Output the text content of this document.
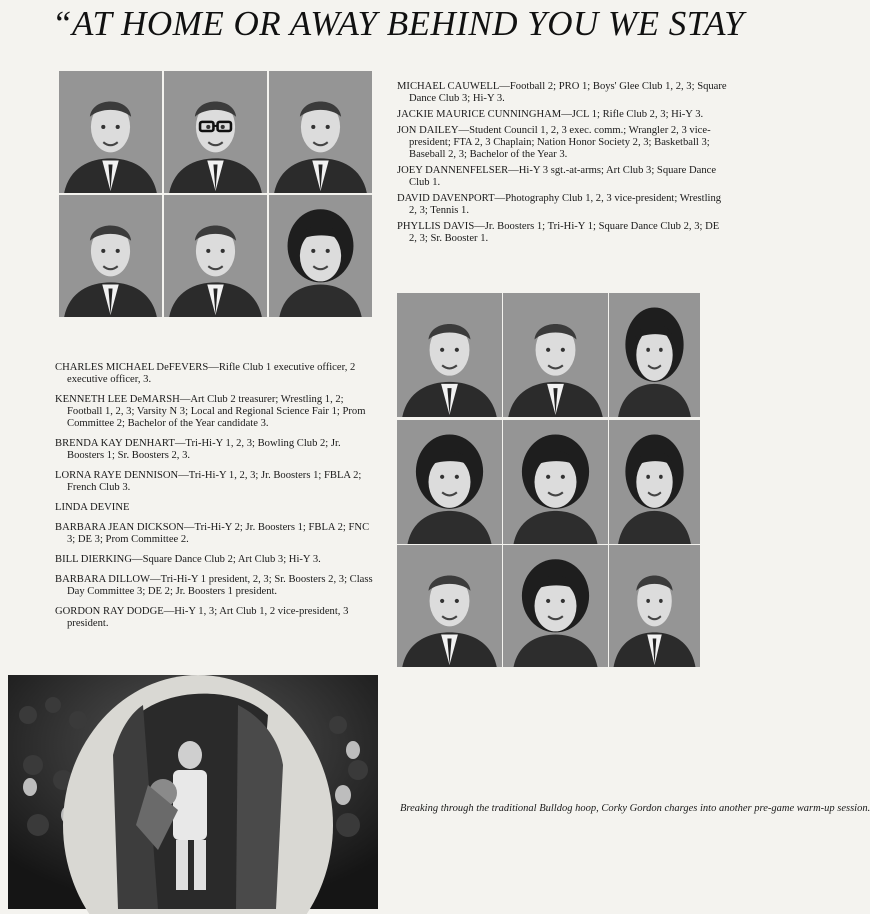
“AT HOME OR AWAY BEHIND YOU WE STAY

MICHAEL CAUWELL—Football 2; PRO 1; Boys' Glee Club 1, 2, 3; Square Dance Club 3; Hi-Y 3.

JACKIE MAURICE CUNNINGHAM—JCL 1; Rifle Club 2, 3; Hi-Y 3.

JON DAILEY—Student Council 1, 2, 3 exec. comm.; Wrangler 2, 3 vice-president; FTA 2, 3 Chaplain; Nation Honor Society 2, 3; Basketball 3; Baseball 2, 3; Bachelor of the Year 3.

JOEY DANNENFELSER—Hi-Y 3 sgt.-at-arms; Art Club 3; Square Dance Club 1.

DAVID DAVENPORT—Photography Club 1, 2, 3 vice-president; Wrestling 2, 3; Tennis 1.

PHYLLIS DAVIS—Jr. Boosters 1; Tri-Hi-Y 1; Square Dance Club 2, 3; DE 2, 3; Sr. Booster 1.

CHARLES MICHAEL DeFEVERS—Rifle Club 1 executive officer, 2 executive officer, 3.

KENNETH LEE DeMARSH—Art Club 2 treasurer; Wrestling 1, 2; Football 1, 2, 3; Varsity N 3; Local and Regional Science Fair 1; Prom Committee 2; Bachelor of the Year candidate 3.

BRENDA KAY DENHART—Tri-Hi-Y 1, 2, 3; Bowling Club 2; Jr. Boosters 1; Sr. Boosters 2, 3.

LORNA RAYE DENNISON—Tri-Hi-Y 1, 2, 3; Jr. Boosters 1; FBLA 2; French Club 3.

LINDA DEVINE

BARBARA JEAN DICKSON—Tri-Hi-Y 2; Jr. Boosters 1; FBLA 2; FNC 3; DE 3; Prom Committee 2.

BILL DIERKING—Square Dance Club 2; Art Club 3; Hi-Y 3.

BARBARA DILLOW—Tri-Hi-Y 1 president, 2, 3; Sr. Boosters 2, 3; Class Day Committee 3; DE 2; Jr. Boosters 1 president.

GORDON RAY DODGE—Hi-Y 1, 3; Art Club 1, 2 vice-president, 3 president.

Breaking through the traditional Bulldog hoop, Corky Gordon charges into another pre-game warm-up session.
